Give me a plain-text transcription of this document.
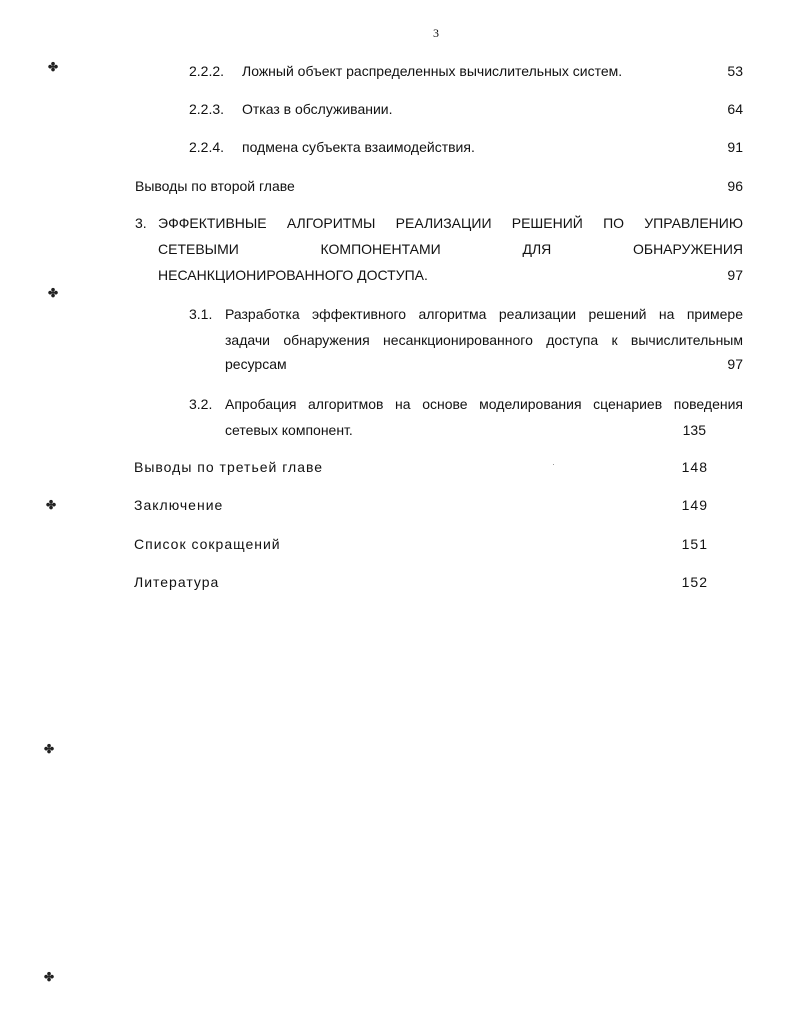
3
✤
✤
✤
✤
✤
2.2.2. Ложный объект распределенных вычислительных систем.	53
2.2.3. Отказ в обслуживании.	64
2.2.4. подмена субъекта взаимодействия.	91
Выводы по второй главе	96
3. ЭФФЕКТИВНЫЕ АЛГОРИТМЫ РЕАЛИЗАЦИИ РЕШЕНИЙ ПО УПРАВЛЕНИЮ
СЕТЕВЫМИ КОМПОНЕНТАМИ ДЛЯ ОБНАРУЖЕНИЯ
НЕСАНКЦИОНИРОВАННОГО ДОСТУПА.	97
3.1. Разработка эффективного алгоритма реализации решений на примере
задачи обнаружения несанкционированного доступа к вычислительным
ресурсам	97
3.2. Апробация алгоритмов на основе моделирования сценариев поведения
сетевых компонент.	135
Выводы по третьей главе	148
Заключение	149
Список сокращений	151
Литература	152
